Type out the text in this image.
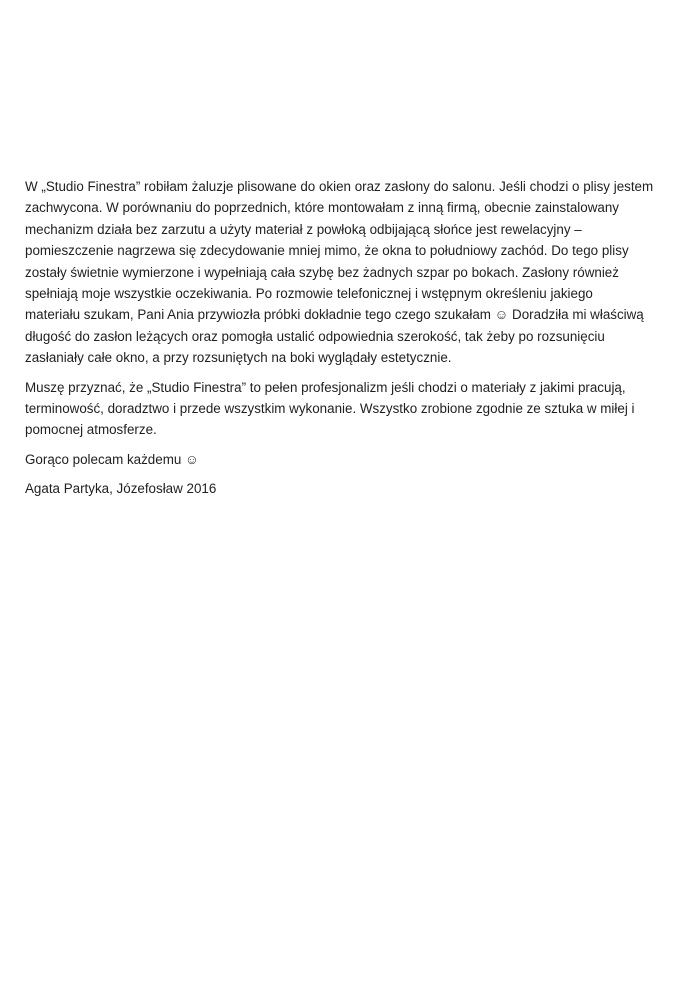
W „Studio Finestra” robiłam żaluzje plisowane do okien oraz zasłony do salonu. Jeśli chodzi o plisy jestem
zachwycona. W porównaniu do poprzednich, które montowałam z inną firmą, obecnie zainstalowany
mechanizm działa bez zarzutu a użyty materiał z powłoką odbijającą słońce jest rewelacyjny –
pomieszczenie nagrzewa się zdecydowanie mniej mimo, że okna to południowy zachód. Do tego plisy
zostały świetnie wymierzone i wypełniają cała szybę bez żadnych szpar po bokach. Zasłony również
spełniają moje wszystkie oczekiwania. Po rozmowie telefonicznej i wstępnym określeniu jakiego
materiału szukam, Pani Ania przywiozła próbki dokładnie tego czego szukałam ☺ Doradziła mi właściwą
długość do zasłon leżących oraz pomogła ustalić odpowiednia szerokość, tak żeby po rozsunięciu
zasłaniały całe okno, a przy rozsuniętych na boki wyglądały estetycznie.
Muszę przyznać, że „Studio Finestra” to pełen profesjonalizm jeśli chodzi o materiały z jakimi pracują,
terminowość, doradztwo i przede wszystkim wykonanie. Wszystko zrobione zgodnie ze sztuka w miłej i
pomocnej atmosferze.
Gorąco polecam każdemu ☺
Agata Partyka, Józefosław 2016
